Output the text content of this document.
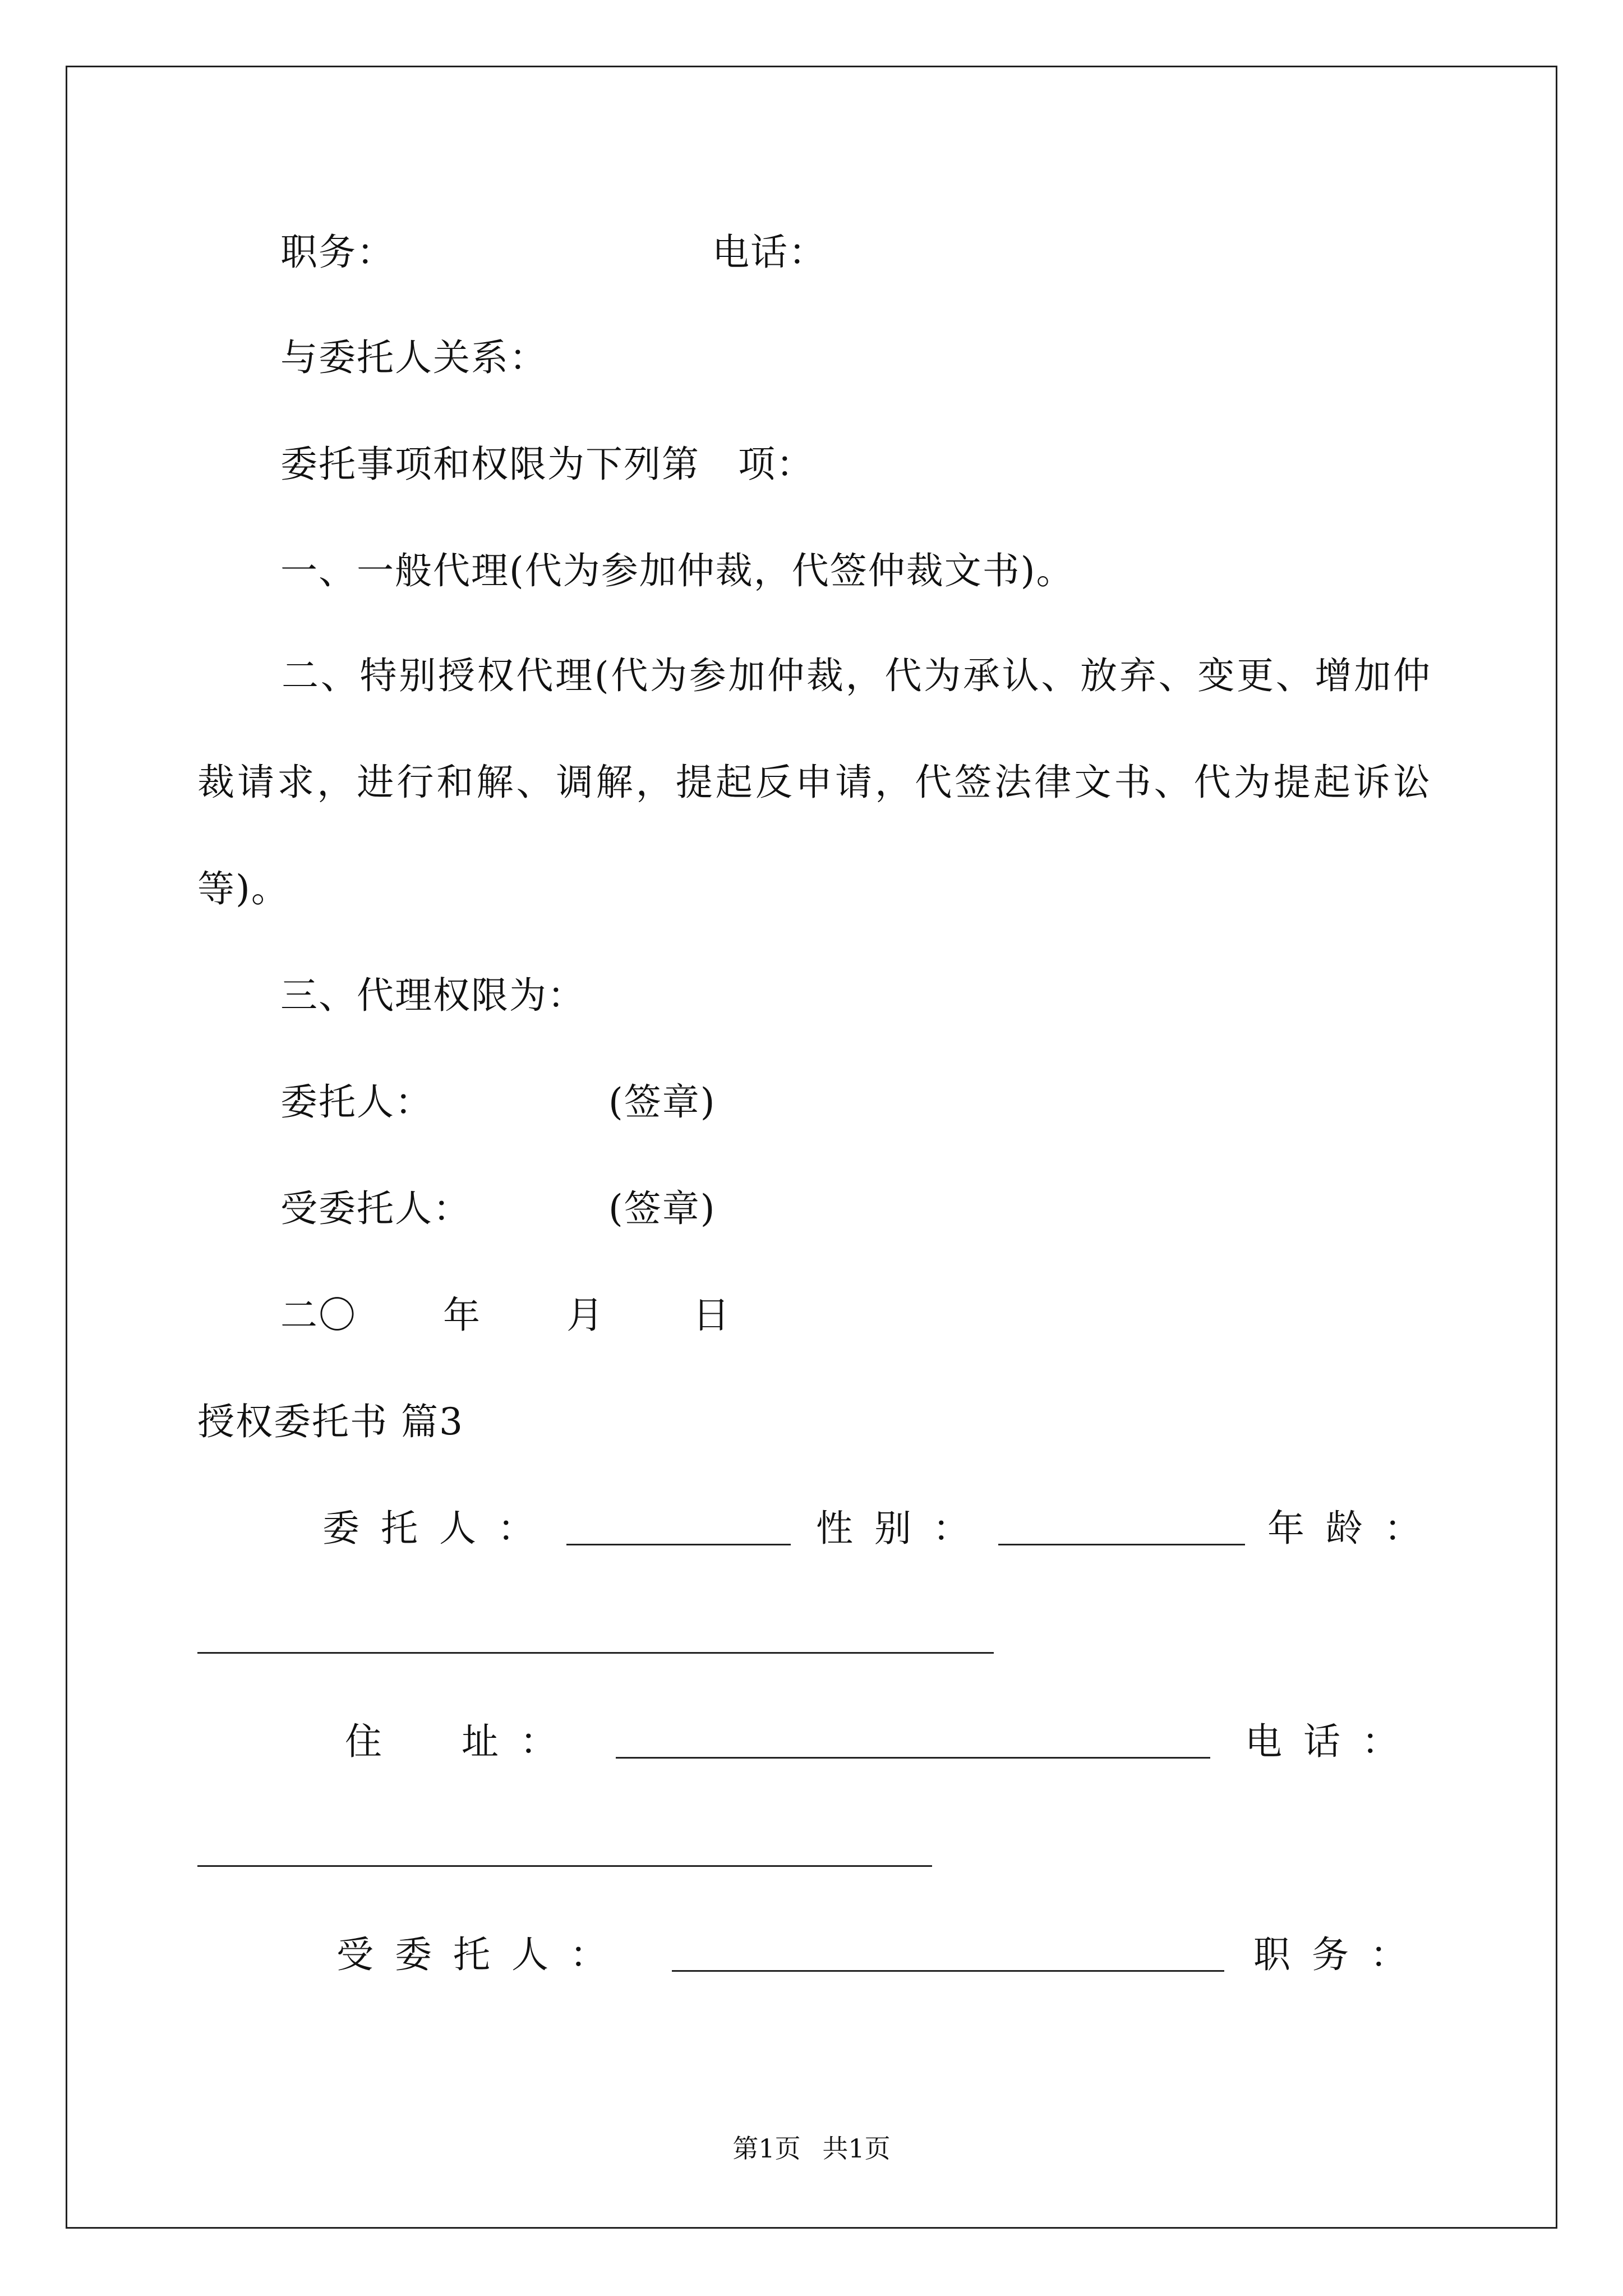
职务：	电话：
与委托人关系：
委托事项和权限为下列第　项：
一、一般代理(代为参加仲裁，代签仲裁文书)。
二、特别授权代理(代为参加仲裁，代为承认、放弃、变更、增加仲裁请求，进行和解、调解，提起反申请，代签法律文书、代为提起诉讼等)。
三、代理权限为：
委托人：	(签章)
受委托人：	(签章)
二〇 年 月 日
授权委托书 篇3
委托人：	性别：	年龄：
住　址：	电话：
受委托人：	职务：
第1页 共1页
